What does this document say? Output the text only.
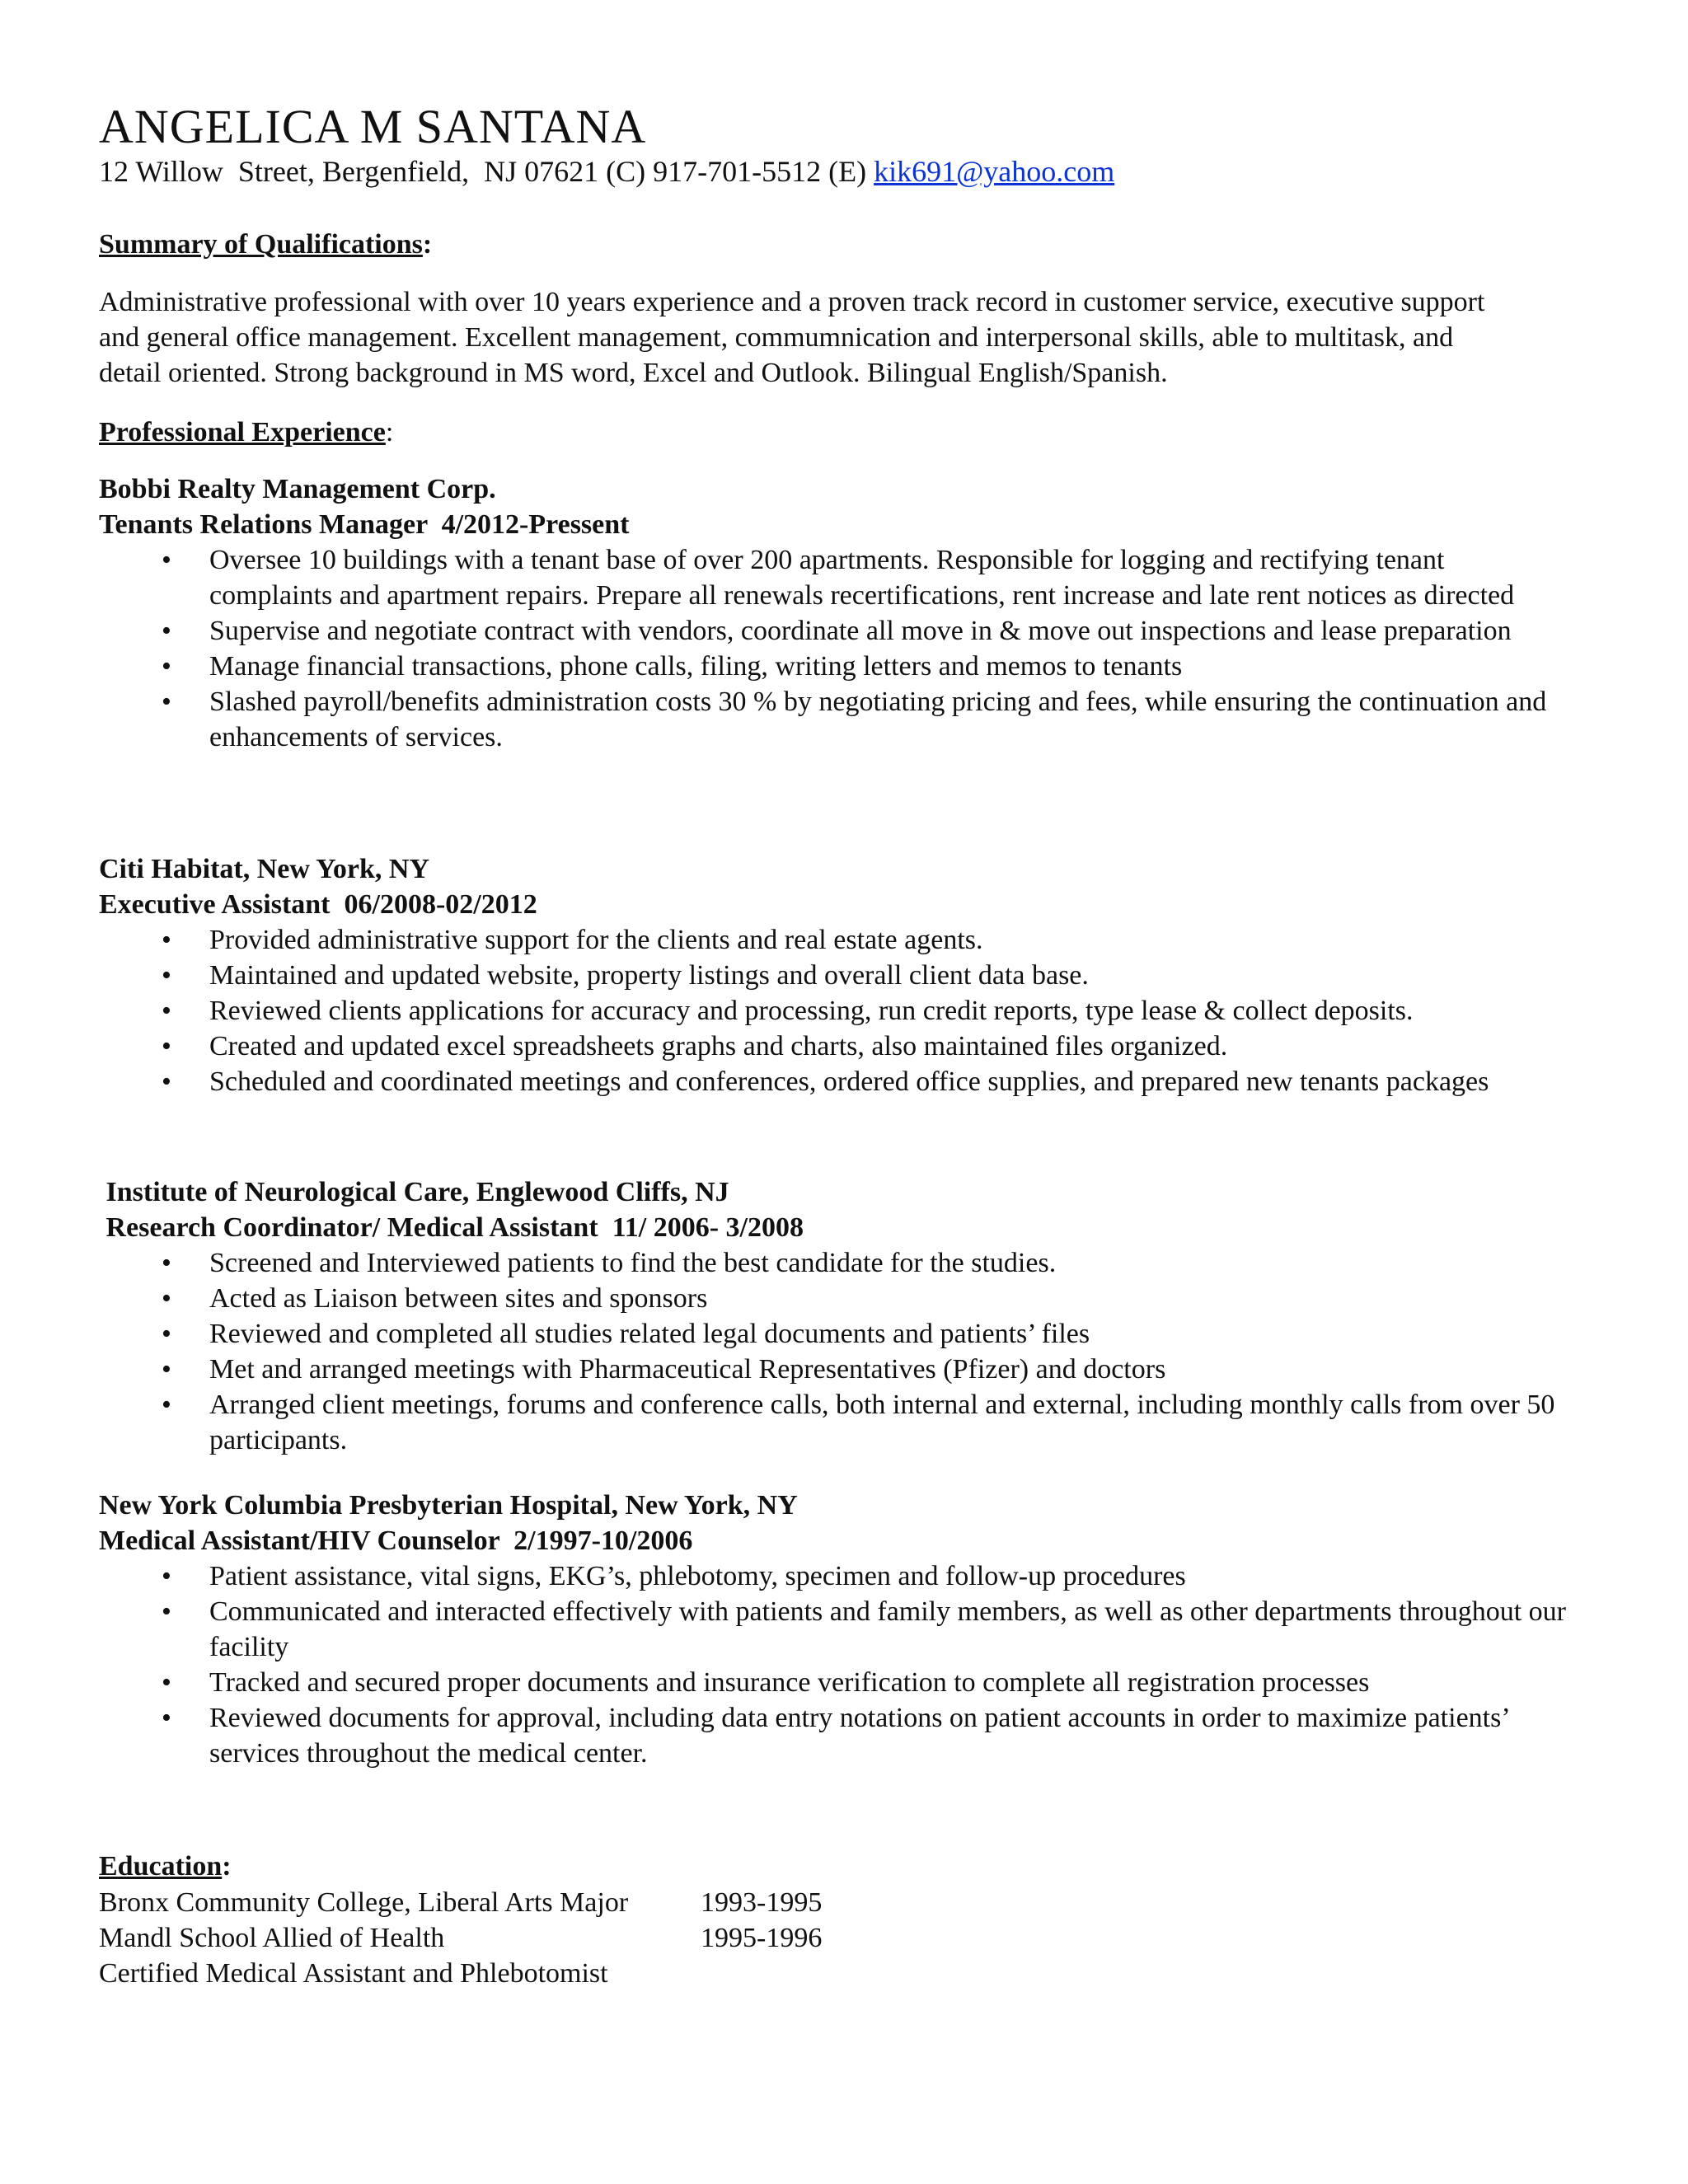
ANGELICA M SANTANA
12 Willow  Street, Bergenfield,  NJ 07621 (C) 917-701-5512 (E) kik691@yahoo.com
Summary of Qualifications:
Administrative professional with over 10 years experience and a proven track record in customer service, executive support and general office management. Excellent management, commumnication and interpersonal skills, able to multitask, and detail oriented. Strong background in MS word, Excel and Outlook. Bilingual English/Spanish.
Professional Experience:
Bobbi Realty Management Corp.
Tenants Relations Manager  4/2012-Pressent
• Oversee 10 buildings with a tenant base of over 200 apartments. Responsible for logging and rectifying tenant complaints and apartment repairs. Prepare all renewals recertifications, rent increase and late rent notices as directed
• Supervise and negotiate contract with vendors, coordinate all move in & move out inspections and lease preparation
• Manage financial transactions, phone calls, filing, writing letters and memos to tenants
• Slashed payroll/benefits administration costs 30 % by negotiating pricing and fees, while ensuring the continuation and enhancements of services.
Citi Habitat, New York, NY
Executive Assistant  06/2008-02/2012
• Provided administrative support for the clients and real estate agents.
• Maintained and updated website, property listings and overall client data base.
• Reviewed clients applications for accuracy and processing, run credit reports, type lease & collect deposits.
• Created and updated excel spreadsheets graphs and charts, also maintained files organized.
• Scheduled and coordinated meetings and conferences, ordered office supplies, and prepared new tenants packages
Institute of Neurological Care, Englewood Cliffs, NJ
Research Coordinator/ Medical Assistant  11/ 2006- 3/2008
• Screened and Interviewed patients to find the best candidate for the studies.
• Acted as Liaison between sites and sponsors
• Reviewed and completed all studies related legal documents and patients’ files
• Met and arranged meetings with Pharmaceutical Representatives (Pfizer) and doctors
• Arranged client meetings, forums and conference calls, both internal and external, including monthly calls from over 50 participants.
New York Columbia Presbyterian Hospital, New York, NY
Medical Assistant/HIV Counselor  2/1997-10/2006
• Patient assistance, vital signs, EKG’s, phlebotomy, specimen and follow-up procedures
• Communicated and interacted effectively with patients and family members, as well as other departments throughout our facility
• Tracked and secured proper documents and insurance verification to complete all registration processes
• Reviewed documents for approval, including data entry notations on patient accounts in order to maximize patients’ services throughout the medical center.
Education:
Bronx Community College, Liberal Arts Major	1993-1995
Mandl School Allied of Health	1995-1996
Certified Medical Assistant and Phlebotomist
